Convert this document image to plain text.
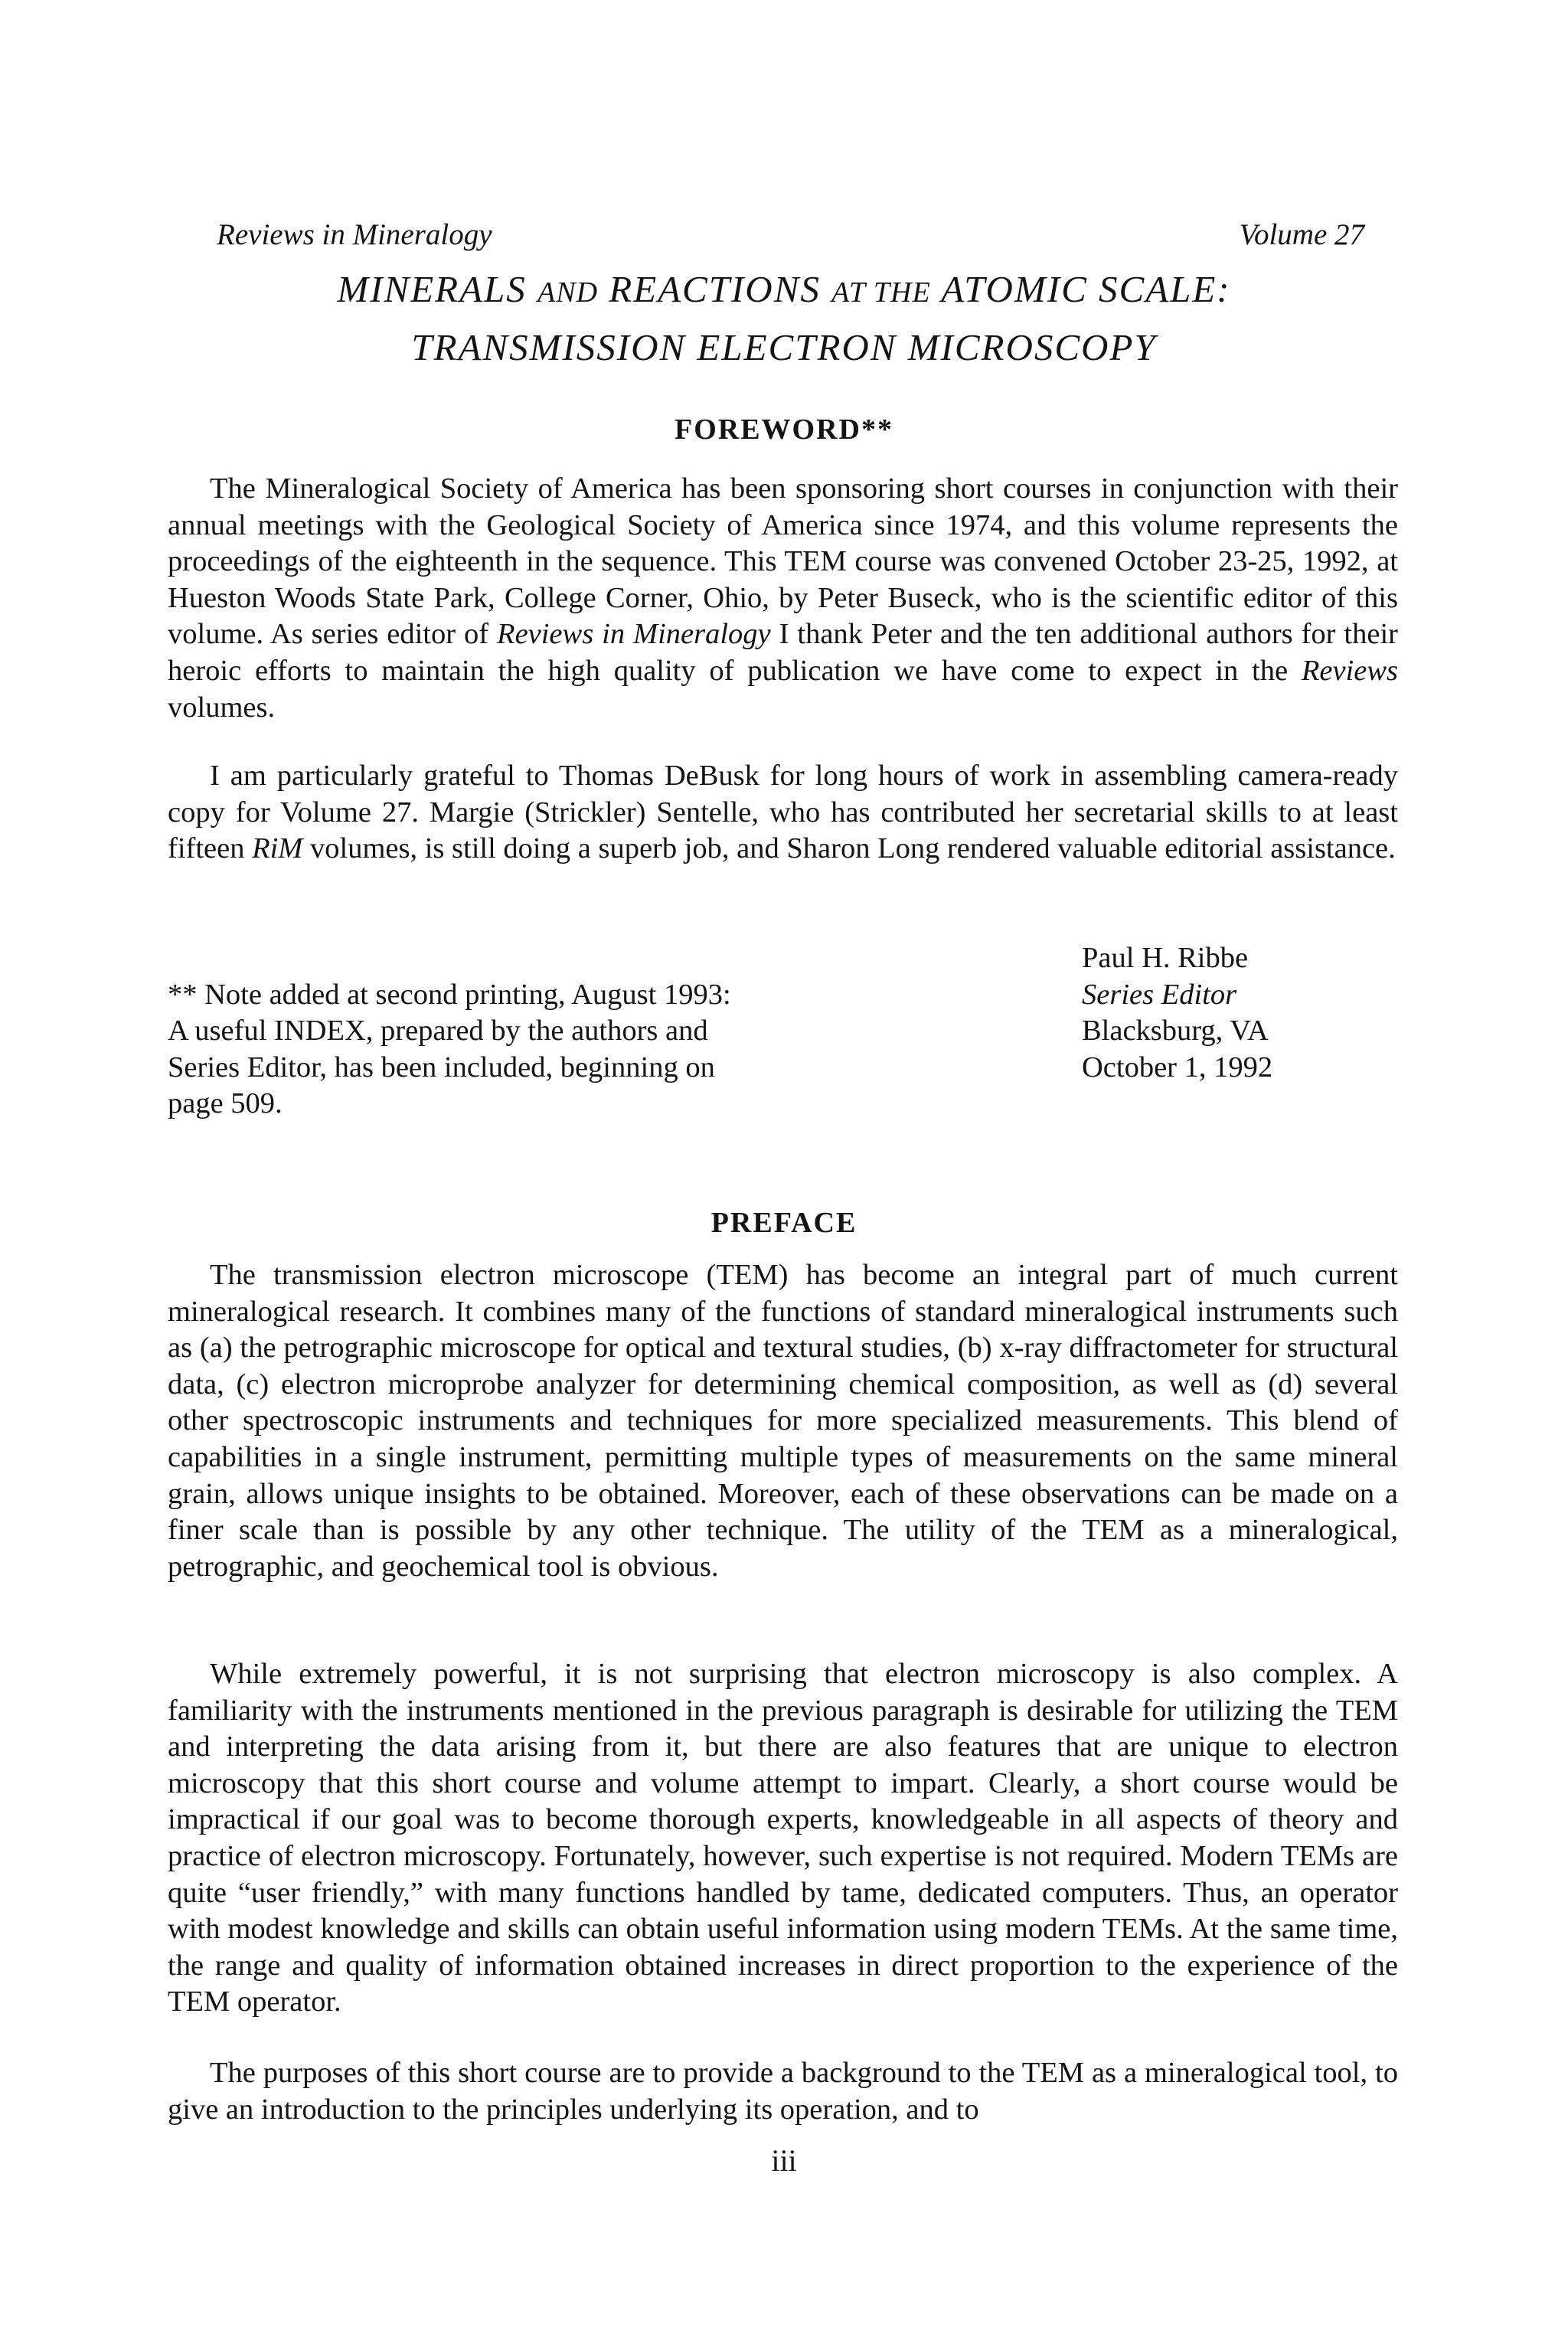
Reviews in Mineralogy	Volume 27
MINERALS AND REACTIONS AT THE ATOMIC SCALE:
TRANSMISSION ELECTRON MICROSCOPY
FOREWORD**

The Mineralogical Society of America has been sponsoring short courses in conjunction with their annual meetings with the Geological Society of America since 1974, and this volume represents the proceedings of the eighteenth in the sequence. This TEM course was convened October 23-25, 1992, at Hueston Woods State Park, College Corner, Ohio, by Peter Buseck, who is the scientific editor of this volume. As series editor of Reviews in Mineralogy I thank Peter and the ten additional authors for their heroic efforts to maintain the high quality of publication we have come to expect in the Reviews volumes.

I am particularly grateful to Thomas DeBusk for long hours of work in assembling camera-ready copy for Volume 27. Margie (Strickler) Sentelle, who has contributed her secretarial skills to at least fifteen RiM volumes, is still doing a superb job, and Sharon Long rendered valuable editorial assistance.

** Note added at second printing, August 1993:
A useful INDEX, prepared by the authors and
Series Editor, has been included, beginning on
page 509.
Paul H. Ribbe
Series Editor
Blacksburg, VA
October 1, 1992
PREFACE

The transmission electron microscope (TEM) has become an integral part of much current mineralogical research. It combines many of the functions of standard mineralogical instruments such as (a) the petrographic microscope for optical and textural studies, (b) x-ray diffractometer for structural data, (c) electron microprobe analyzer for determining chemical composition, as well as (d) several other spectroscopic instruments and techniques for more specialized measurements. This blend of capabilities in a single instrument, permitting multiple types of measurements on the same mineral grain, allows unique insights to be obtained. Moreover, each of these observations can be made on a finer scale than is possible by any other technique. The utility of the TEM as a mineralogical, petrographic, and geochemical tool is obvious.

While extremely powerful, it is not surprising that electron microscopy is also complex. A familiarity with the instruments mentioned in the previous paragraph is desirable for utilizing the TEM and interpreting the data arising from it, but there are also features that are unique to electron microscopy that this short course and volume attempt to impart. Clearly, a short course would be impractical if our goal was to become thorough experts, knowledgeable in all aspects of theory and practice of electron microscopy. Fortunately, however, such expertise is not required. Modern TEMs are quite “user friendly,” with many functions handled by tame, dedicated computers. Thus, an operator with modest knowledge and skills can obtain useful information using modern TEMs. At the same time, the range and quality of information obtained increases in direct proportion to the experience of the TEM operator.

The purposes of this short course are to provide a background to the TEM as a mineralogical tool, to give an introduction to the principles underlying its operation, and to

iii
